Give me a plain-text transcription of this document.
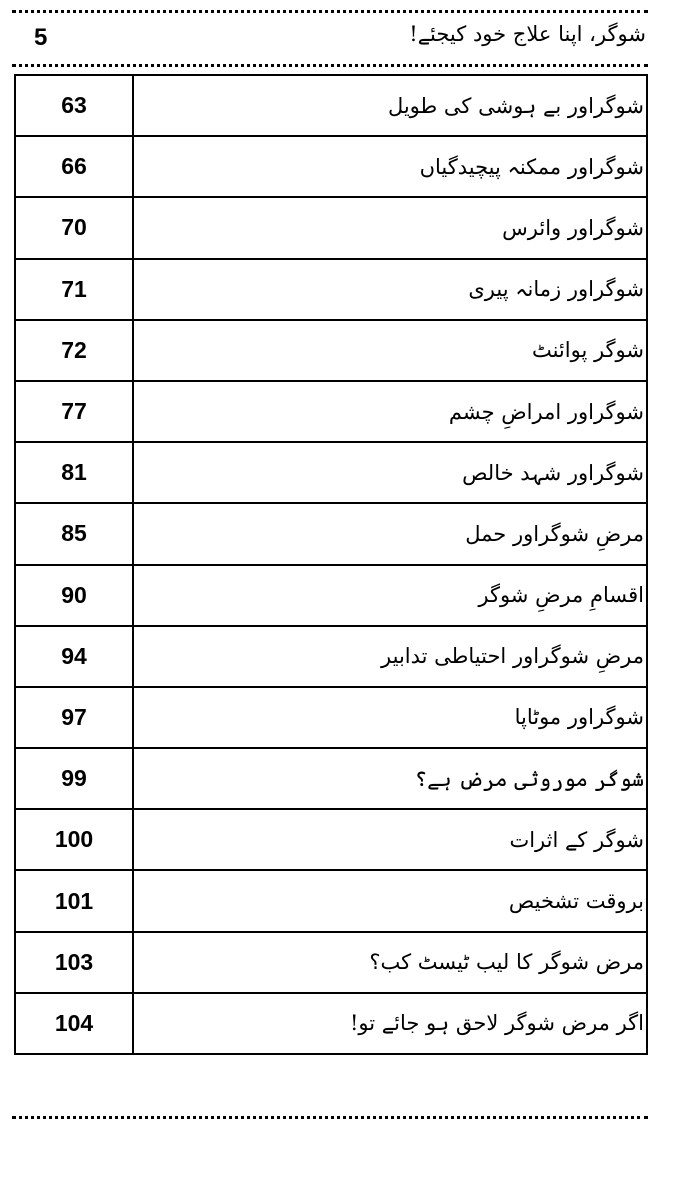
5	شوگر، اپنا علاج خود کیجئے!
63	شوگراور بے ہوشی کی طویل
66	شوگراور ممکنہ پیچیدگیاں
70	شوگراور وائرس
71	شوگراور زمانہ پیری
72	شوگر پوائنٹ
77	شوگراور امراضِ چشم
81	شوگراور شہد خالص
85	مرضِ شوگراور حمل
90	اقسامِ مرضِ شوگر
94	مرضِ شوگراور احتیاطی تدابیر
97	شوگراور موٹاپا
99	شوگر موروثی مرض ہے؟
100	شوگر کے اثرات
101	بروقت تشخیص
103	مرض شوگر کا لیب ٹیسٹ کب؟
104	اگر مرض شوگر لاحق ہو جائے تو!
